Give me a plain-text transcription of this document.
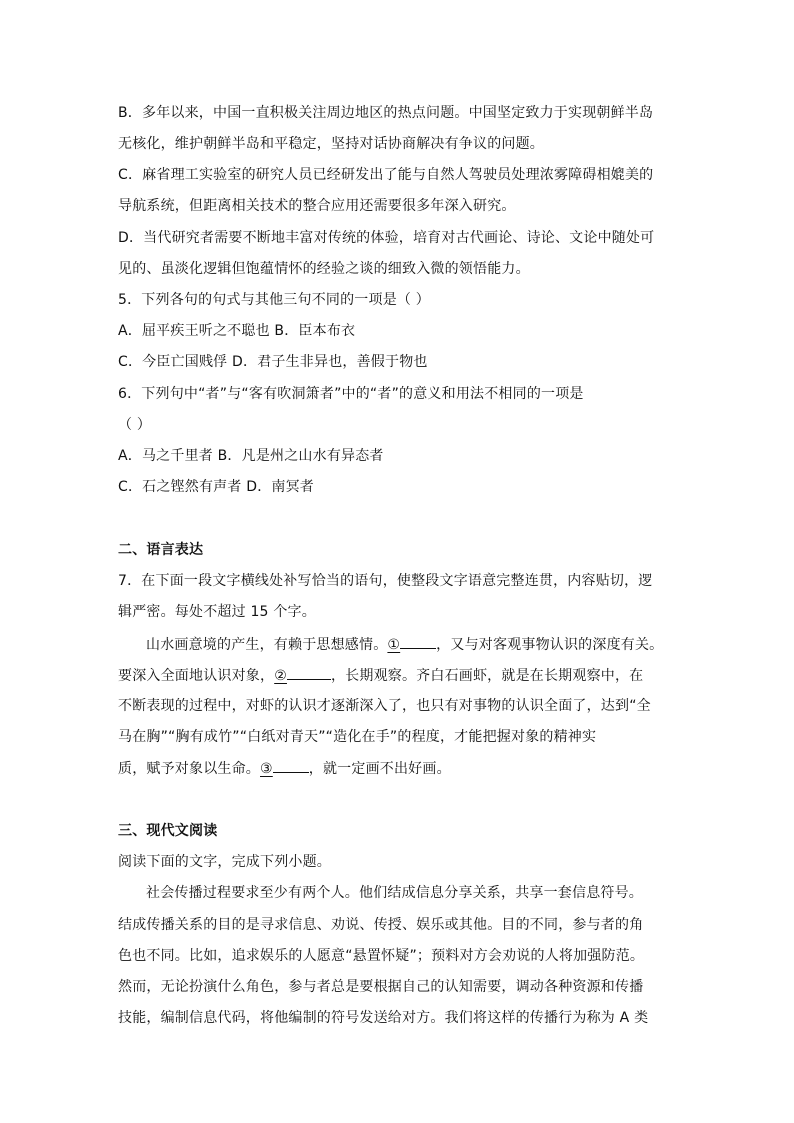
B．多年以来，中国一直积极关注周边地区的热点问题。中国坚定致力于实现朝鲜半岛
无核化，维护朝鲜半岛和平稳定，坚持对话协商解决有争议的问题。
C．麻省理工实验室的研究人员已经研发出了能与自然人驾驶员处理浓雾障碍相媲美的
导航系统，但距离相关技术的整合应用还需要很多年深入研究。
D．当代研究者需要不断地丰富对传统的体验，培育对古代画论、诗论、文论中随处可
见的、虽淡化逻辑但饱蕴情怀的经验之谈的细致入微的领悟能力。
5．下列各句的句式与其他三句不同的一项是（ ）
A．屈平疾王听之不聪也 B．臣本布衣
C．今臣亡国贱俘 D．君子生非异也，善假于物也
6．下列句中“者”与“客有吹洞箫者”中的“者”的意义和用法不相同的一项是
（ ）
A．马之千里者 B．凡是州之山水有异态者
C．石之铿然有声者 D．南冥者
二、语言表达
7．在下面一段文字横线处补写恰当的语句，使整段文字语意完整连贯，内容贴切，逻
辑严密。每处不超过 15 个字。
山水画意境的产生，有赖于思想感情。①	，又与对客观事物认识的深度有关。
要深入全面地认识对象，②	，长期观察。齐白石画虾，就是在长期观察中，在
不断表现的过程中，对虾的认识才逐渐深入了，也只有对事物的认识全面了，达到“全
马在胸”“胸有成竹”“白纸对青天”“造化在手”的程度，才能把握对象的精神实
质，赋予对象以生命。③	，就一定画不出好画。
三、现代文阅读
阅读下面的文字，完成下列小题。
社会传播过程要求至少有两个人。他们结成信息分享关系，共享一套信息符号。
结成传播关系的目的是寻求信息、劝说、传授、娱乐或其他。目的不同，参与者的角
色也不同。比如，追求娱乐的人愿意“悬置怀疑”；预料对方会劝说的人将加强防范。
然而，无论扮演什么角色，参与者总是要根据自己的认知需要，调动各种资源和传播
技能，编制信息代码，将他编制的符号发送给对方。我们将这样的传播行为称为 A 类
